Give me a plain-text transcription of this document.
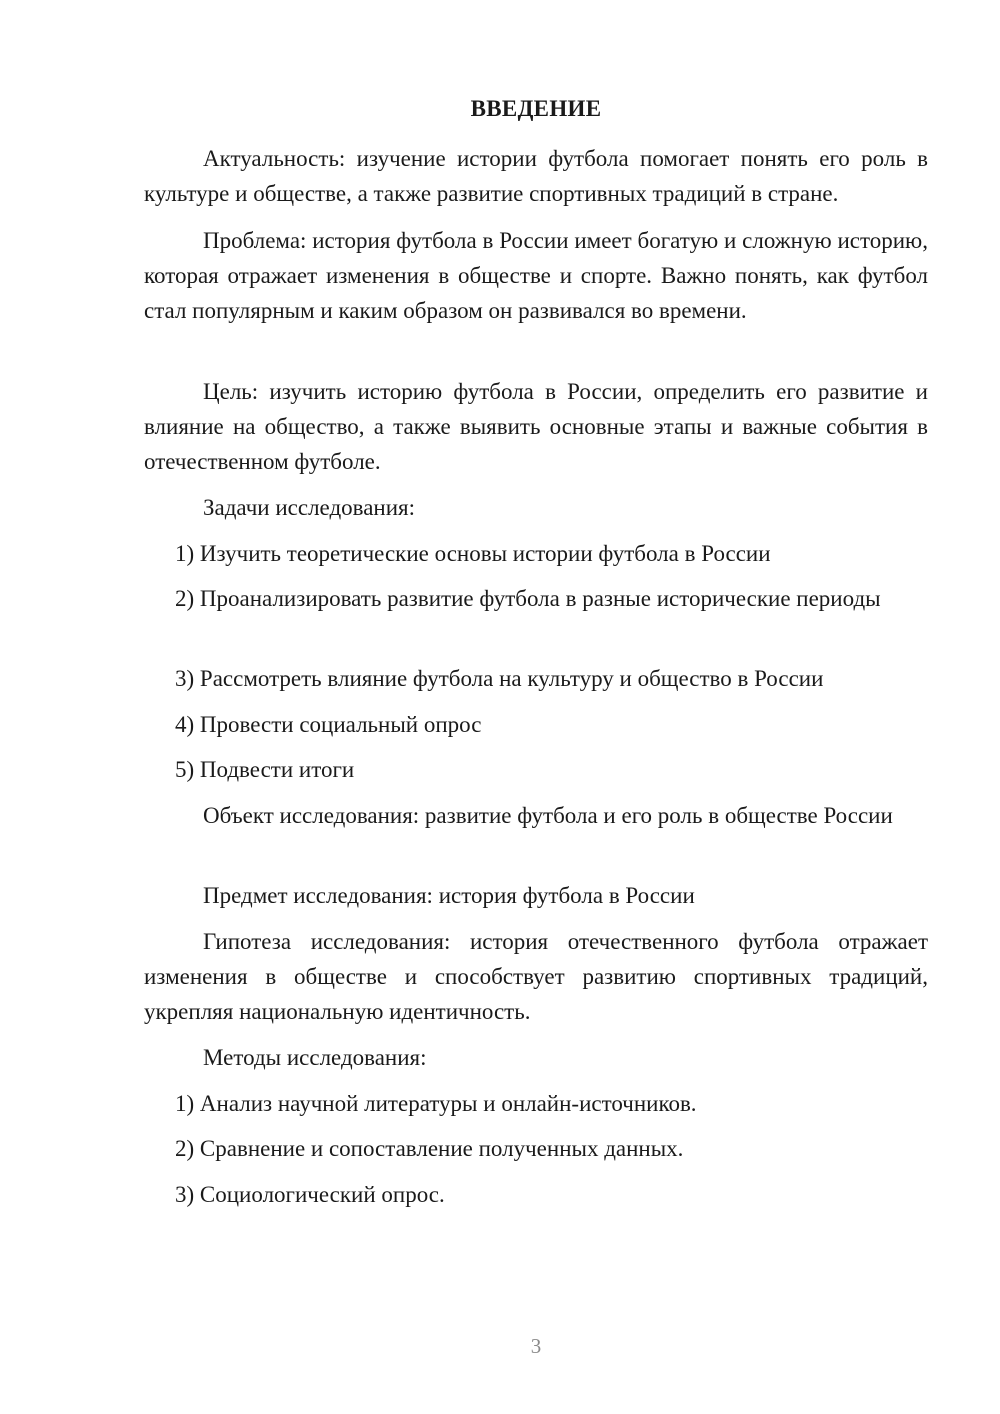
ВВЕДЕНИЕ

Актуальность: изучение истории футбола помогает понять его роль в культуре и обществе, а также развитие спортивных традиций в стране.

Проблема: история футбола в России имеет богатую и сложную историю, которая отражает изменения в обществе и спорте. Важно понять, как футбол стал популярным и каким образом он развивался во времени.

Цель: изучить историю футбола в России, определить его развитие и влияние на общество, а также выявить основные этапы и важные события в отечественном футболе.

Задачи исследования:

1) Изучить теоретические основы истории футбола в России

2) Проанализировать развитие футбола в разные исторические периоды

3) Рассмотреть влияние футбола на культуру и общество в России

4) Провести социальный опрос

5) Подвести итоги

Объект исследования: развитие футбола и его роль в обществе России

Предмет исследования: история футбола в России

Гипотеза исследования: история отечественного футбола отражает изменения в обществе и способствует развитию спортивных традиций, укрепляя национальную идентичность.

Методы исследования:

1) Анализ научной литературы и онлайн-источников.

2) Сравнение и сопоставление полученных данных.

3) Социологический опрос.

3
